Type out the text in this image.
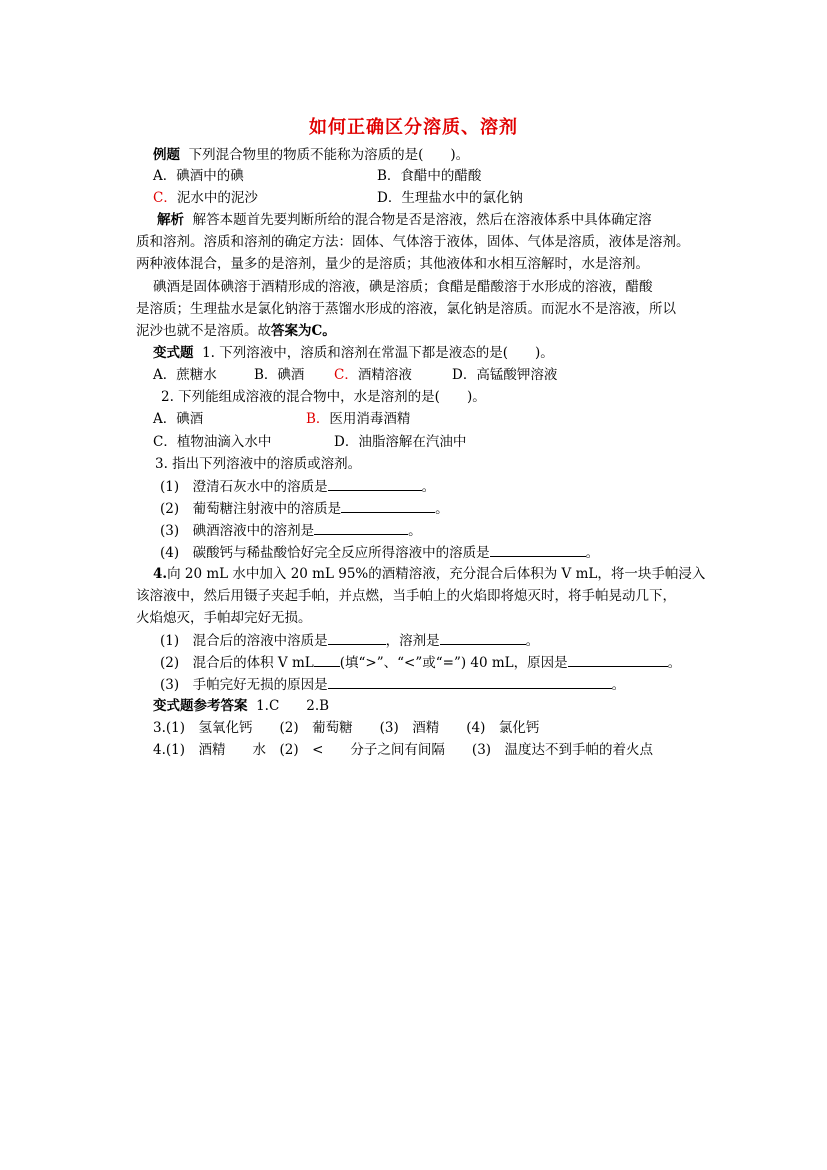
如何正确区分溶质、溶剂
例题 下列混合物里的物质不能称为溶质的是(　　)。
A．碘酒中的碘	B．食醋中的醋酸
C．泥水中的泥沙	D．生理盐水中的氯化钠
解析 解答本题首先要判断所给的混合物是否是溶液，然后在溶液体系中具体确定溶
质和溶剂。溶质和溶剂的确定方法：固体、气体溶于液体，固体、气体是溶质，液体是溶剂。
两种液体混合，量多的是溶剂，量少的是溶质；其他液体和水相互溶解时，水是溶剂。
碘酒是固体碘溶于酒精形成的溶液，碘是溶质；食醋是醋酸溶于水形成的溶液，醋酸
是溶质；生理盐水是氯化钠溶于蒸馏水形成的溶液，氯化钠是溶质。而泥水不是溶液，所以
泥沙也就不是溶质。故答案为C。
变式题 1. 下列溶液中，溶质和溶剂在常温下都是液态的是(　　)。
A．蔗糖水	B．碘酒 C．酒精溶液	D．高锰酸钾溶液
2. 下列能组成溶液的混合物中，水是溶剂的是(　　)。
A．碘酒	B．医用消毒酒精
C．植物油滴入水中	D．油脂溶解在汽油中
3. 指出下列溶液中的溶质或溶剂。
(1)　澄清石灰水中的溶质是	。
(2)　葡萄糖注射液中的溶质是	。
(3)　碘酒溶液中的溶剂是	。
(4)　碳酸钙与稀盐酸恰好完全反应所得溶液中的溶质是	。
4.向 20 mL 水中加入 20 mL 95%的酒精溶液，充分混合后体积为 V mL，将一块手帕浸入
该溶液中，然后用镊子夹起手帕，并点燃，当手帕上的火焰即将熄灭时，将手帕晃动几下，
火焰熄灭，手帕却完好无损。
(1)　混合后的溶液中溶质是	，溶剂是	。
(2)　混合后的体积 V mL (填“>”、“<”或“=”) 40 mL，原因是	。
(3)　手帕完好无损的原因是	。
变式题参考答案 1.C　　2.B
3.(1)　氢氧化钙　　(2)　葡萄糖　　(3)　酒精　　(4)　氯化钙
4.(1)　酒精　　水　(2)　<　　分子之间有间隔　　(3)　温度达不到手帕的着火点
